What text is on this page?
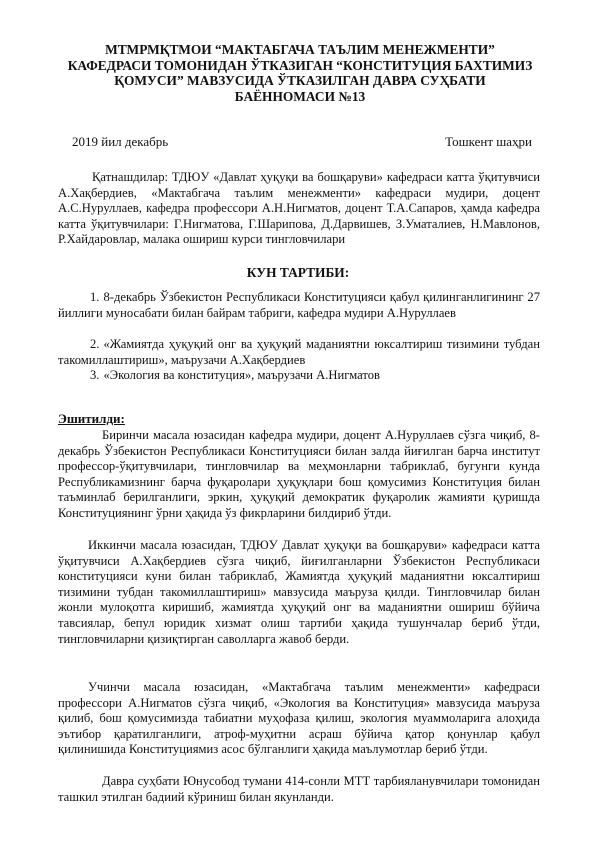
МТМРМҚТМОИ “МАКТАБГАЧА ТАЪЛИМ МЕНЕЖМЕНТИ”
КАФЕДРАСИ ТОМОНИДАН ЎТКАЗИГАН “КОНСТИТУЦИЯ БАХТИМИЗ
ҚОМУСИ” МАВЗУСИДА ЎТКАЗИЛГАН ДАВРА СУҲБАТИ
БАЁННОМАСИ №13
2019 йил декабрь	Тошкент шаҳри

Қатнашдилар: ТДЮУ «Давлат ҳуқуқи ва бошқаруви» кафедраси катта ўқитувчиси А.Хақбердиев, «Мактабгача таълим менежменти» кафедраси мудири, доцент А.С.Нуруллаев, кафедра профессори А.Н.Нигматов, доцент Т.А.Сапаров, ҳамда кафедра катта ўқитувчилари: Г.Нигматова, Г.Шарипова, Д.Дарвишев, З.Уматалиев, Н.Мавлонов, Р.Хайдаровлар, малака ошириш курси тингловчилари

КУН ТАРТИБИ:

1. 8-декабрь Ўзбекистон Республикаси Конституцияси қабул қилинганлигининг 27 йиллиги муносабати билан байрам табриги, кафедра мудири А.Нуруллаев

2. «Жамиятда ҳуқуқий онг ва ҳуқуқий маданиятни юксалтириш тизимини тубдан такомиллаштириш», маърузачи А.Хақбердиев

3. «Экология ва конституция», маърузачи А.Нигматов

Эшитилди:

Биринчи масала юзасидан кафедра мудири, доцент А.Нуруллаев сўзга чиқиб, 8-декабрь Ўзбекистон Республикаси Конституцияси билан залда йиғилган барча институт профессор-ўқитувчилари, тингловчилар ва меҳмонларни табриклаб, бугунги кунда Республикамизнинг барча фуқаролари ҳуқуқлари бош қомусимиз Конституция билан таъминлаб берилганлиги, эркин, ҳуқуқий демократик фуқаролик жамияти қуришда Конституциянинг ўрни ҳақида ўз фикрларини билдириб ўтди.

Иккинчи масала юзасидан, ТДЮУ Давлат ҳуқуқи ва бошқаруви» кафедраси катта ўқитувчиси А.Хақбердиев сўзга чиқиб, йиғилганларни Ўзбекистон Республикаси конституцияси куни билан табриклаб, Жамиятда ҳуқуқий маданиятни юксалтириш тизимини тубдан такомиллаштириш» мавзусида маъруза қилди. Тингловчилар билан жонли мулоқотга киришиб, жамиятда ҳуқуқий онг ва маданиятни ошириш бўйича тавсиялар, бепул юридик хизмат олиш тартиби ҳақида тушунчалар бериб ўтди, тингловчиларни қизиқтирган саволларга жавоб берди.

Учинчи масала юзасидан, «Мактабгача таълим менежменти» кафедраси профессори А.Нигматов сўзга чиқиб, «Экология ва Конституция» мавзусида маъруза қилиб, бош қомусимизда табиатни муҳофаза қилиш, экология муаммоларига алоҳида эътибор қаратилганлиги, атроф-муҳитни асраш бўйича қатор қонунлар қабул қилинишида Конституциямиз асос бўлганлиги ҳақида маълумотлар бериб ўтди.

Давра суҳбати Юнусобод тумани 414-сонли МТТ тарбияланувчилари томонидан ташкил этилган бадиий кўриниш билан якунланди.
